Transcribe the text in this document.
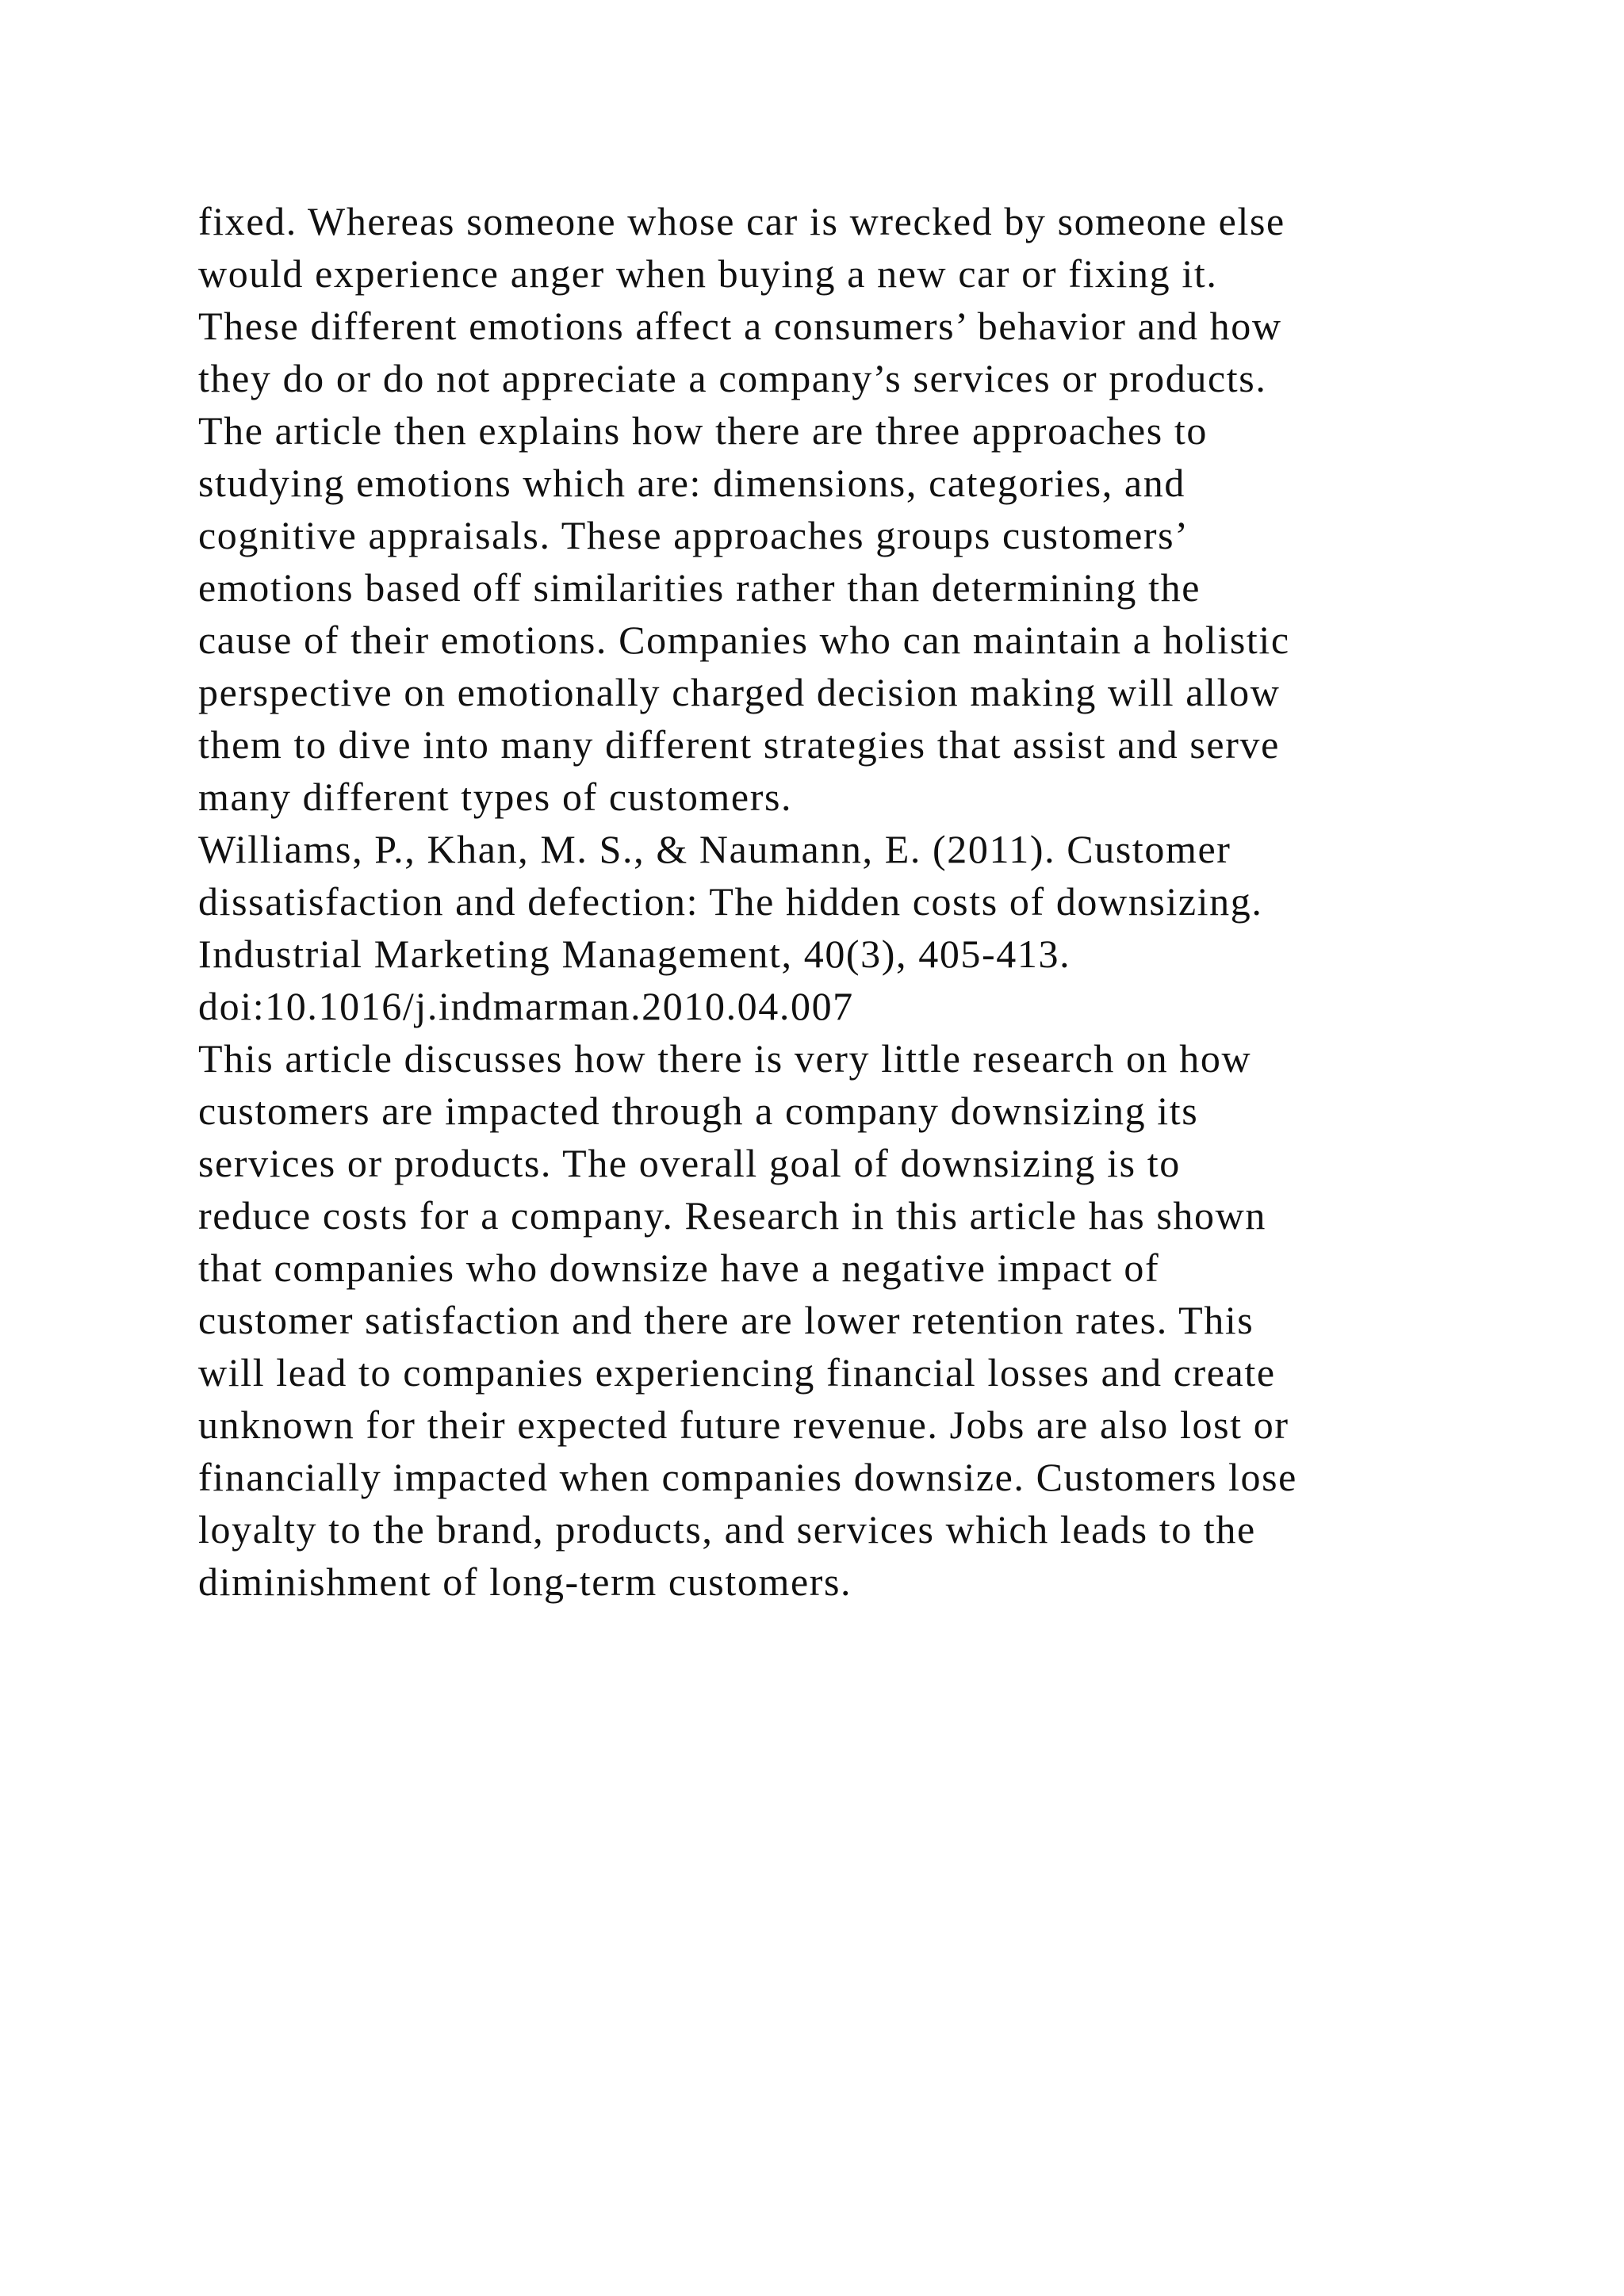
fixed. Whereas someone whose car is wrecked by someone else
would experience anger when buying a new car or fixing it.
These different emotions affect a consumers’ behavior and how
they do or do not appreciate a company’s services or products.
The article then explains how there are three approaches to
studying emotions which are: dimensions, categories, and
cognitive appraisals. These approaches groups customers’
emotions based off similarities rather than determining the
cause of their emotions. Companies who can maintain a holistic
perspective on emotionally charged decision making will allow
them to dive into many different strategies that assist and serve
many different types of customers.
Williams, P., Khan, M. S., & Naumann, E. (2011). Customer
dissatisfaction and defection: The hidden costs of downsizing.
Industrial Marketing Management, 40(3), 405-413.
doi:10.1016/j.indmarman.2010.04.007
This article discusses how there is very little research on how
customers are impacted through a company downsizing its
services or products. The overall goal of downsizing is to
reduce costs for a company. Research in this article has shown
that companies who downsize have a negative impact of
customer satisfaction and there are lower retention rates. This
will lead to companies experiencing financial losses and create
unknown for their expected future revenue. Jobs are also lost or
financially impacted when companies downsize. Customers lose
loyalty to the brand, products, and services which leads to the
diminishment of long-term customers.
